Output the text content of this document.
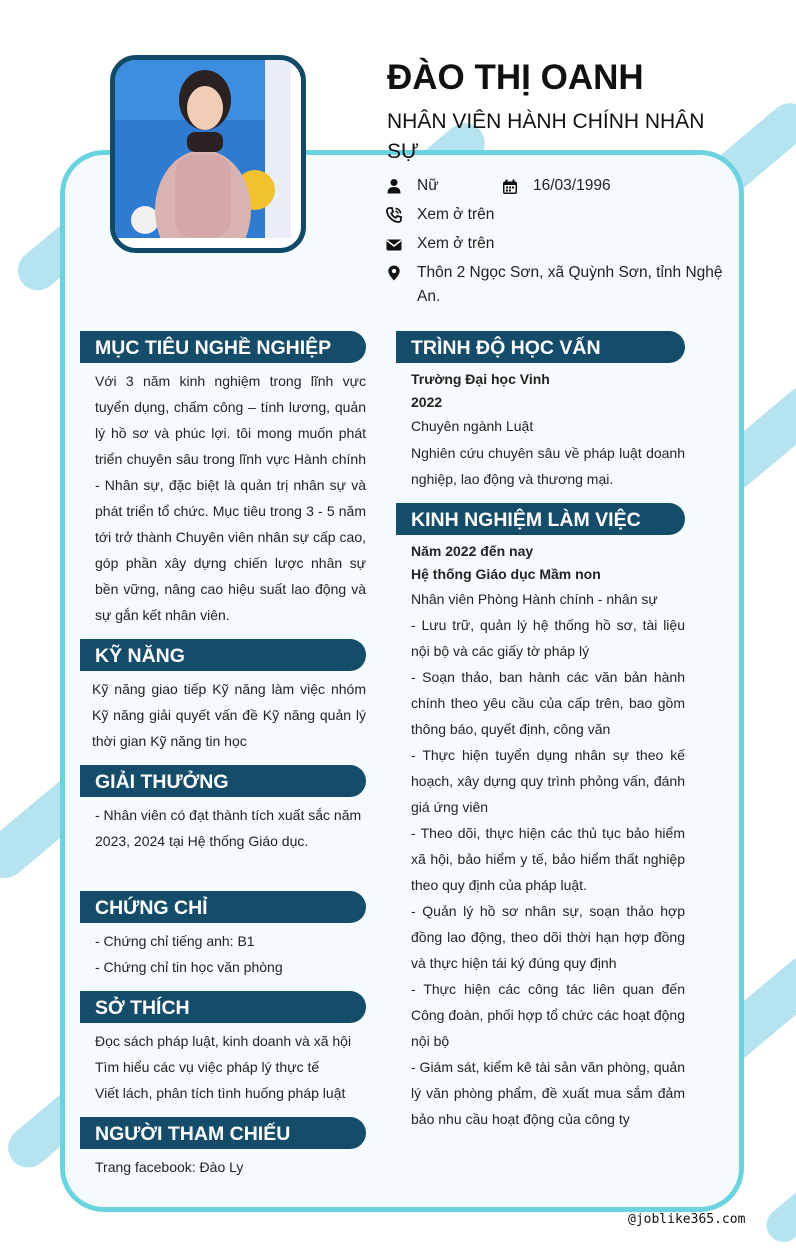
ĐÀO THỊ OANH
NHÂN VIÊN HÀNH CHÍNH NHÂN SỰ
Nữ	16/03/1996
Xem ở trên
Xem ở trên
Thôn 2 Ngọc Sơn, xã Quỳnh Sơn, tỉnh Nghệ An.
MỤC TIÊU NGHỀ NGHIỆP

Với 3 năm kinh nghiệm trong lĩnh vực tuyển dụng, chấm công – tính lương, quản lý hồ sơ và phúc lợi. tôi mong muốn phát triển chuyên sâu trong lĩnh vực Hành chính - Nhân sự, đặc biệt là quản trị nhân sự và phát triển tổ chức. Mục tiêu trong 3 - 5 năm tới trở thành Chuyên viên nhân sự cấp cao, góp phần xây dựng chiến lược nhân sự bền vững, nâng cao hiệu suất lao động và sự gắn kết nhân viên.

KỸ NĂNG

Kỹ năng giao tiếp Kỹ năng làm việc nhóm Kỹ năng giải quyết vấn đề Kỹ năng quản lý thời gian Kỹ năng tin học

GIẢI THƯỞNG

- Nhân viên có đạt thành tích xuất sắc năm 2023, 2024 tại Hệ thống Giáo dục.

CHỨNG CHỈ
- Chứng chỉ tiếng anh: B1
- Chứng chỉ tin học văn phòng
SỞ THÍCH
Đọc sách pháp luật, kinh doanh và xã hội
Tìm hiểu các vụ việc pháp lý thực tế
Viết lách, phân tích tình huống pháp luật
NGƯỜI THAM CHIẾU

Trang facebook: Đào Ly

TRÌNH ĐỘ HỌC VẤN
Trường Đại học Vinh
2022
Chuyên ngành Luật

Nghiên cứu chuyên sâu về pháp luật doanh nghiệp, lao động và thương mại.

KINH NGHIỆM LÀM VIỆC
Năm 2022 đến nay
Hệ thống Giáo dục Mầm non
Nhân viên Phòng Hành chính - nhân sự
- Lưu trữ, quản lý hệ thống hồ sơ, tài liệu nội bộ và các giấy tờ pháp lý
- Soạn thảo, ban hành các văn bản hành chính theo yêu cầu của cấp trên, bao gồm thông báo, quyết định, công văn
- Thực hiện tuyển dụng nhân sự theo kế hoạch, xây dựng quy trình phỏng vấn, đánh giá ứng viên
- Theo dõi, thực hiện các thủ tục bảo hiểm xã hội, bảo hiểm y tế, bảo hiểm thất nghiệp theo quy định của pháp luật.
- Quản lý hồ sơ nhân sự, soạn thảo hợp đồng lao động, theo dõi thời hạn hợp đồng và thực hiện tái ký đúng quy định
- Thực hiện các công tác liên quan đến Công đoàn, phối hợp tổ chức các hoạt động nội bộ
- Giám sát, kiểm kê tài sản văn phòng, quản lý văn phòng phẩm, đề xuất mua sắm đảm bảo nhu cầu hoạt động của công ty
@joblike365.com
